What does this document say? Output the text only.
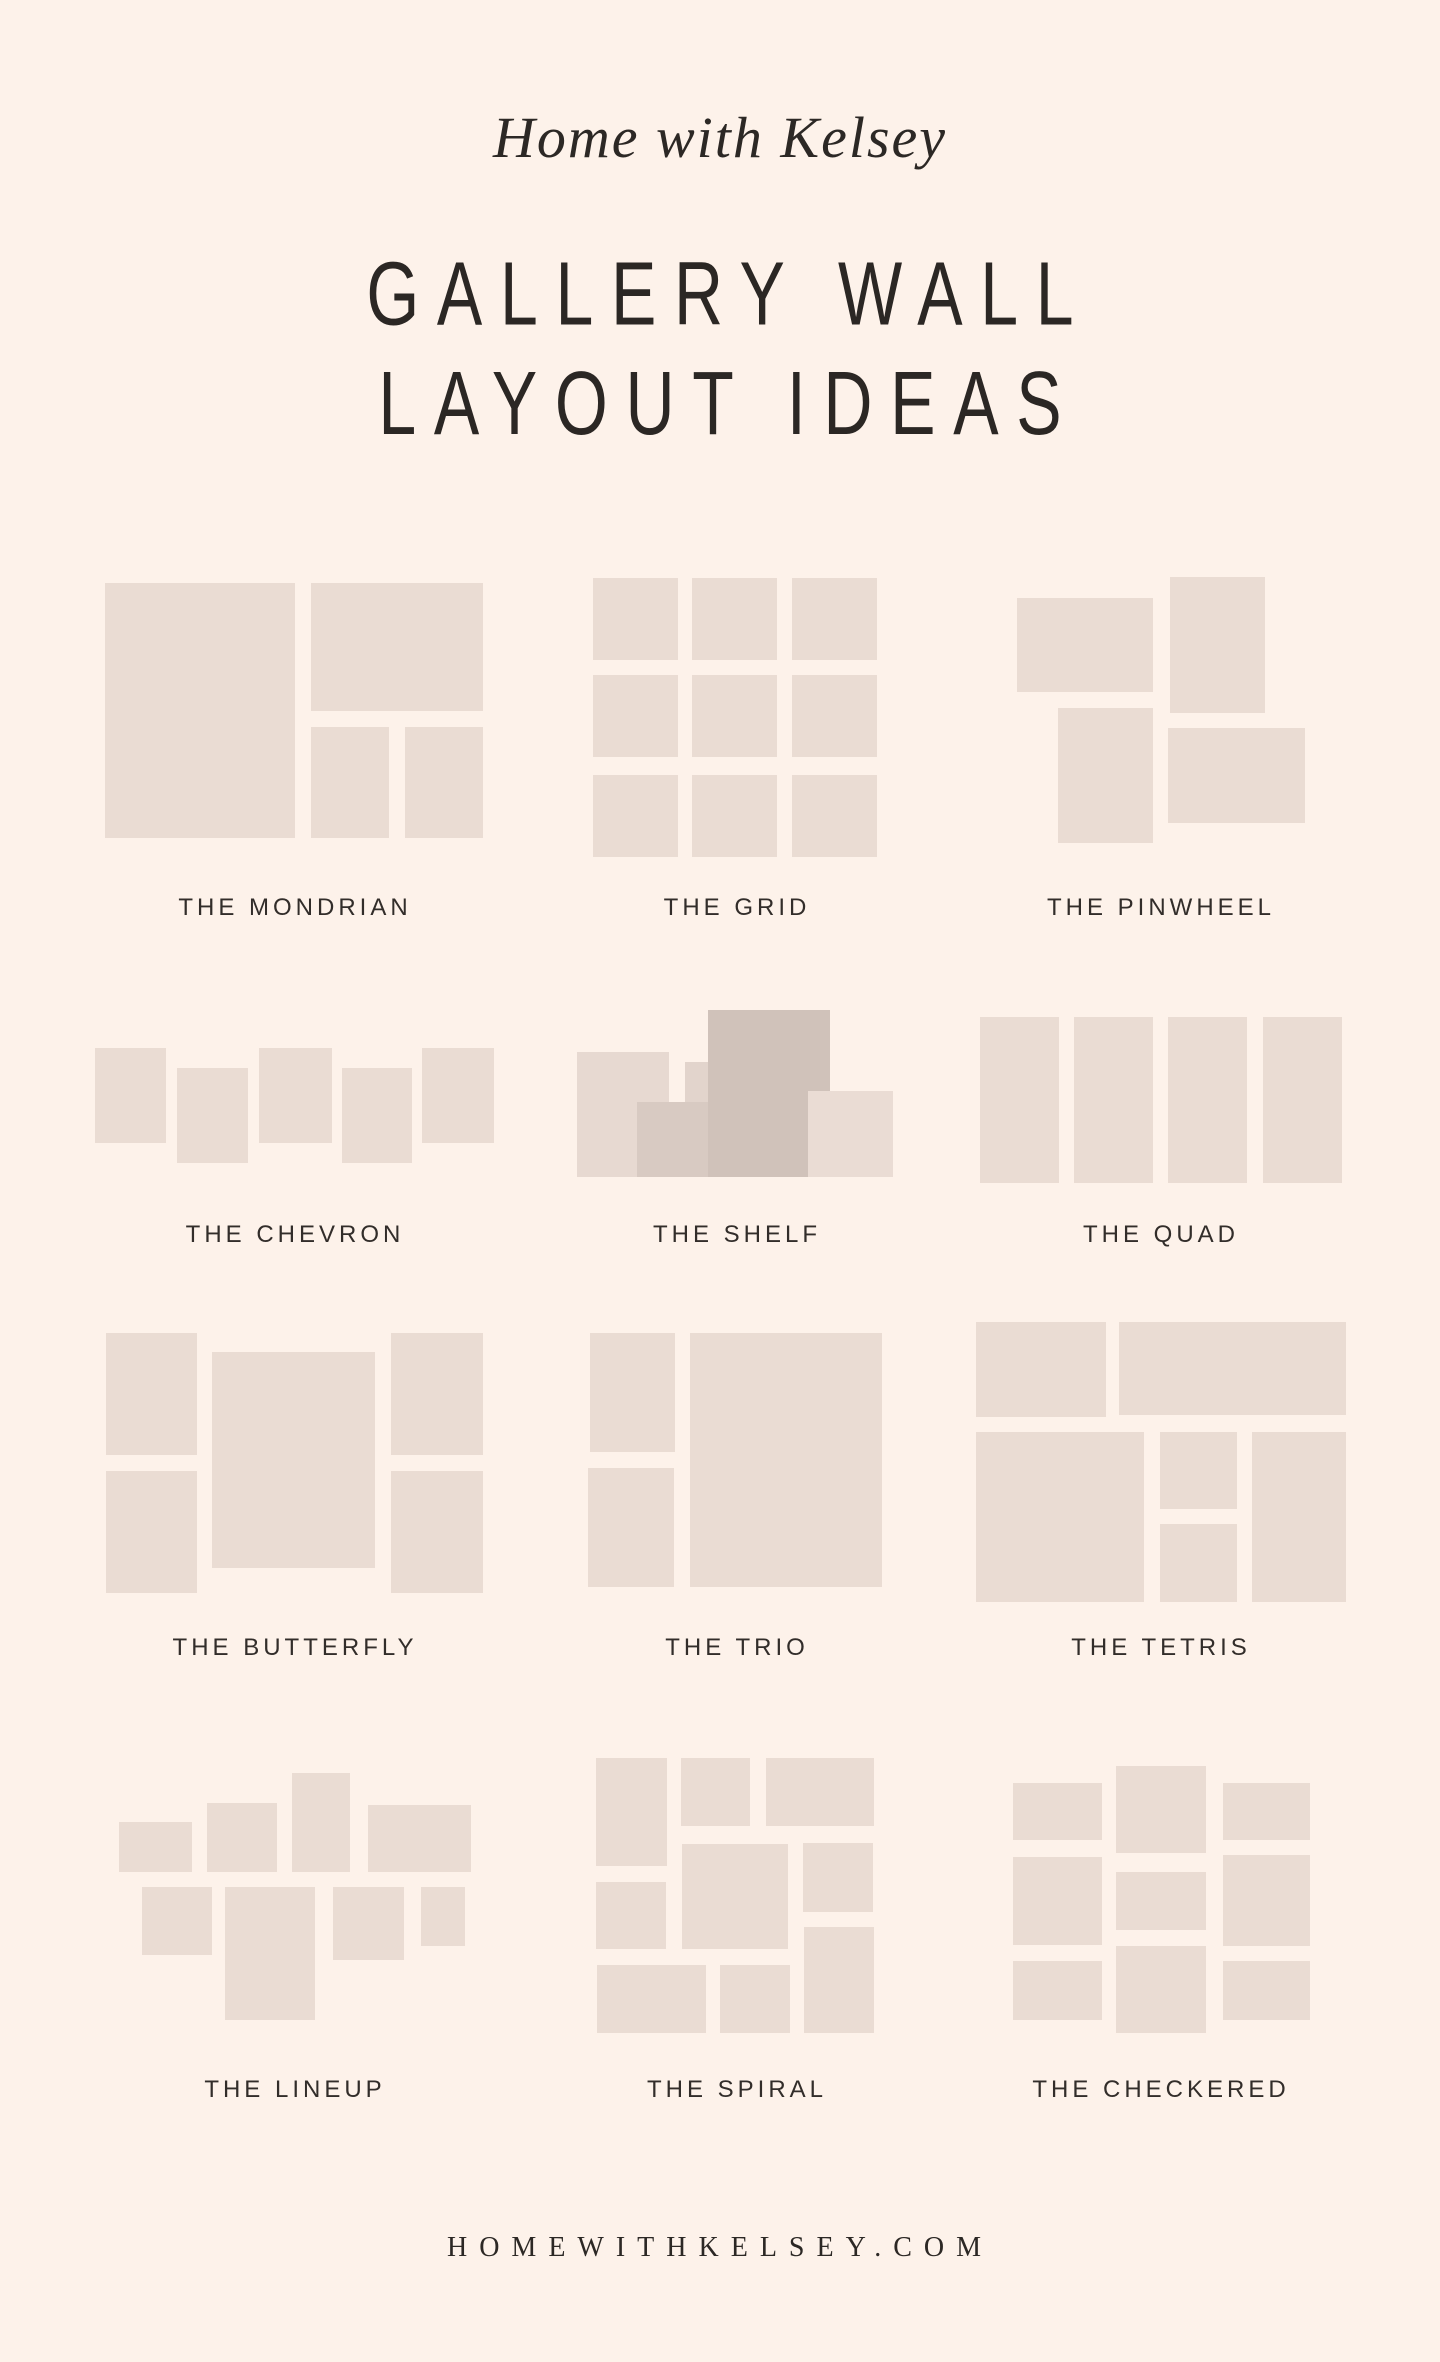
Home with Kelsey
GALLERY WALL
LAYOUT IDEAS
THE MONDRIAN	THE GRID	THE PINWHEEL
THE CHEVRON	THE SHELF	THE QUAD
THE BUTTERFLY	THE TRIO	THE TETRIS
THE LINEUP	THE SPIRAL	THE CHECKERED
HOMEWITHKELSEY.COM
